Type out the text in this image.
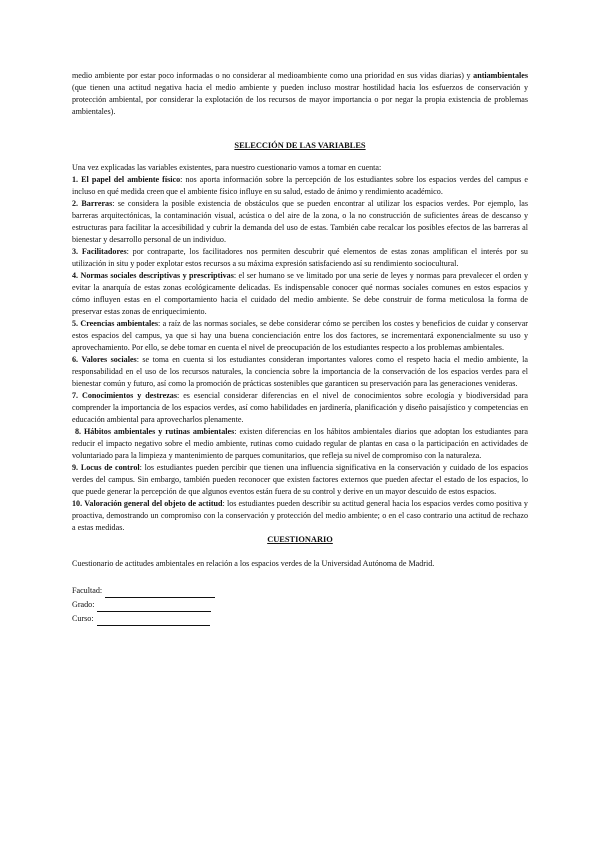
medio ambiente por estar poco informadas o no considerar al medioambiente como una prioridad en sus vidas diarias) y antiambientales (que tienen una actitud negativa hacia el medio ambiente y pueden incluso mostrar hostilidad hacia los esfuerzos de conservación y protección ambiental, por considerar la explotación de los recursos de mayor importancia o por negar la propia existencia de problemas ambientales).

SELECCIÓN DE LAS VARIABLES

Una vez explicadas las variables existentes, para nuestro cuestionario vamos a tomar en cuenta:

1. El papel del ambiente físico: nos aporta información sobre la percepción de los estudiantes sobre los espacios verdes del campus e incluso en qué medida creen que el ambiente físico influye en su salud, estado de ánimo y rendimiento académico.

2. Barreras: se considera la posible existencia de obstáculos que se pueden encontrar al utilizar los espacios verdes. Por ejemplo, las barreras arquitectónicas, la contaminación visual, acústica o del aire de la zona, o la no construcción de suficientes áreas de descanso y estructuras para facilitar la accesibilidad y cubrir la demanda del uso de estas. También cabe recalcar los posibles efectos de las barreras al bienestar y desarrollo personal de un individuo.

3. Facilitadores: por contraparte, los facilitadores nos permiten descubrir qué elementos de estas zonas amplifican el interés por su utilización in situ y poder explotar estos recursos a su máxima expresión satisfaciendo así su rendimiento sociocultural.

4. Normas sociales descriptivas y prescriptivas: el ser humano se ve limitado por una serie de leyes y normas para prevalecer el orden y evitar la anarquía de estas zonas ecológicamente delicadas. Es indispensable conocer qué normas sociales comunes en estos espacios y cómo influyen estas en el comportamiento hacia el cuidado del medio ambiente. Se debe construir de forma meticulosa la forma de preservar estas zonas de enriquecimiento.

5. Creencias ambientales: a raíz de las normas sociales, se debe considerar cómo se perciben los costes y beneficios de cuidar y conservar estos espacios del campus, ya que si hay una buena concienciación entre los dos factores, se incrementará exponencialmente su uso y aprovechamiento. Por ello, se debe tomar en cuenta el nivel de preocupación de los estudiantes respecto a los problemas ambientales.

6. Valores sociales: se toma en cuenta si los estudiantes consideran importantes valores como el respeto hacia el medio ambiente, la responsabilidad en el uso de los recursos naturales, la conciencia sobre la importancia de la conservación de los espacios verdes para el bienestar común y futuro, así como la promoción de prácticas sostenibles que garanticen su preservación para las generaciones venideras.

7. Conocimientos y destrezas: es esencial considerar diferencias en el nivel de conocimientos sobre ecología y biodiversidad para comprender la importancia de los espacios verdes, así como habilidades en jardinería, planificación y diseño paisajístico y competencias en educación ambiental para aprovecharlos plenamente.

8. Hábitos ambientales y rutinas ambientales: existen diferencias en los hábitos ambientales diarios que adoptan los estudiantes para reducir el impacto negativo sobre el medio ambiente, rutinas como cuidado regular de plantas en casa o la participación en actividades de voluntariado para la limpieza y mantenimiento de parques comunitarios, que refleja su nivel de compromiso con la naturaleza.

9. Locus de control: los estudiantes pueden percibir que tienen una influencia significativa en la conservación y cuidado de los espacios verdes del campus. Sin embargo, también pueden reconocer que existen factores externos que pueden afectar el estado de los espacios, lo que puede generar la percepción de que algunos eventos están fuera de su control y derive en un mayor descuido de estos espacios.

10. Valoración general del objeto de actitud: los estudiantes pueden describir su actitud general hacia los espacios verdes como positiva y proactiva, demostrando un compromiso con la conservación y protección del medio ambiente; o en el caso contrario una actitud de rechazo a estas medidas.

CUESTIONARIO

Cuestionario de actitudes ambientales en relación a los espacios verdes de la Universidad Autónoma de Madrid.

Facultad:
Grado:
Curso:
